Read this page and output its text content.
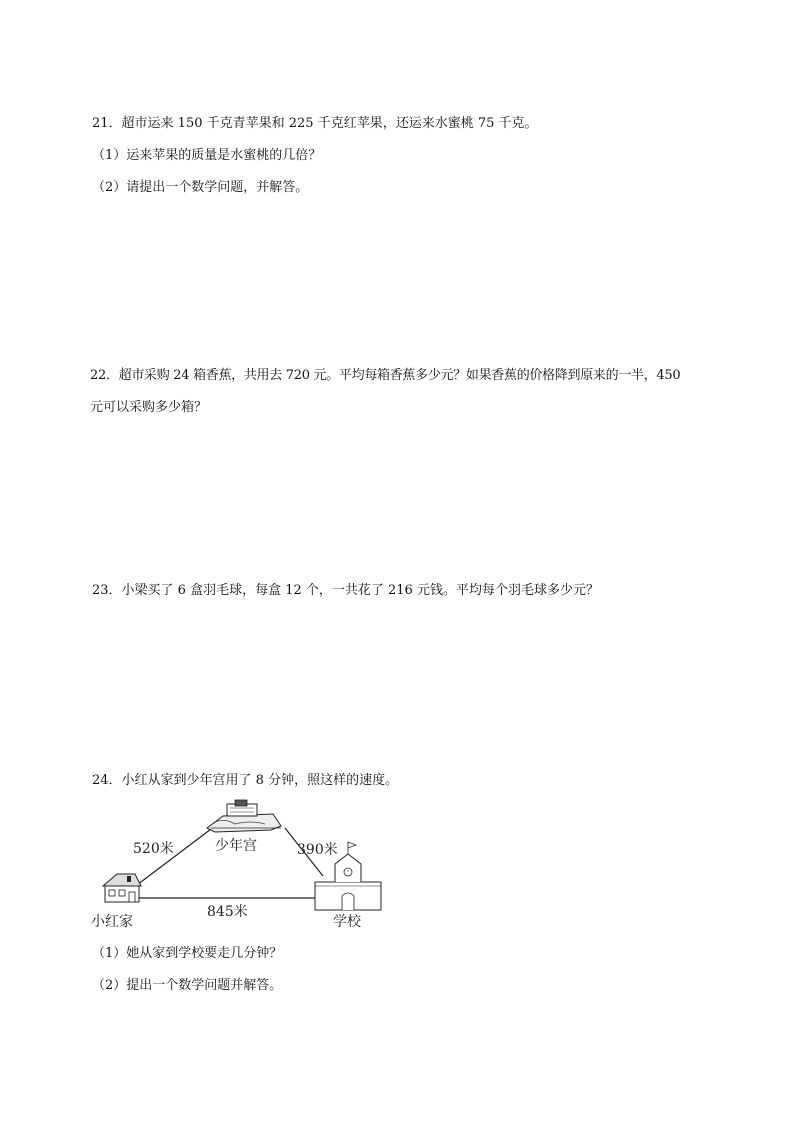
21．超市运来 150 千克青苹果和 225 千克红苹果，还运来水蜜桃 75 千克。
（1）运来苹果的质量是水蜜桃的几倍？
（2）请提出一个数学问题，并解答。
22．超市采购 24 箱香蕉，共用去 720 元。平均每箱香蕉多少元？如果香蕉的价格降到原来的一半，450
元可以采购多少箱？
23．小梁买了 6 盒羽毛球，每盒 12 个，一共花了 216 元钱。平均每个羽毛球多少元？
24．小红从家到少年宫用了 8 分钟，照这样的速度。
520米	少年宫	390米
845米
小红家	学校
（1）她从家到学校要走几分钟？
（2）提出一个数学问题并解答。
